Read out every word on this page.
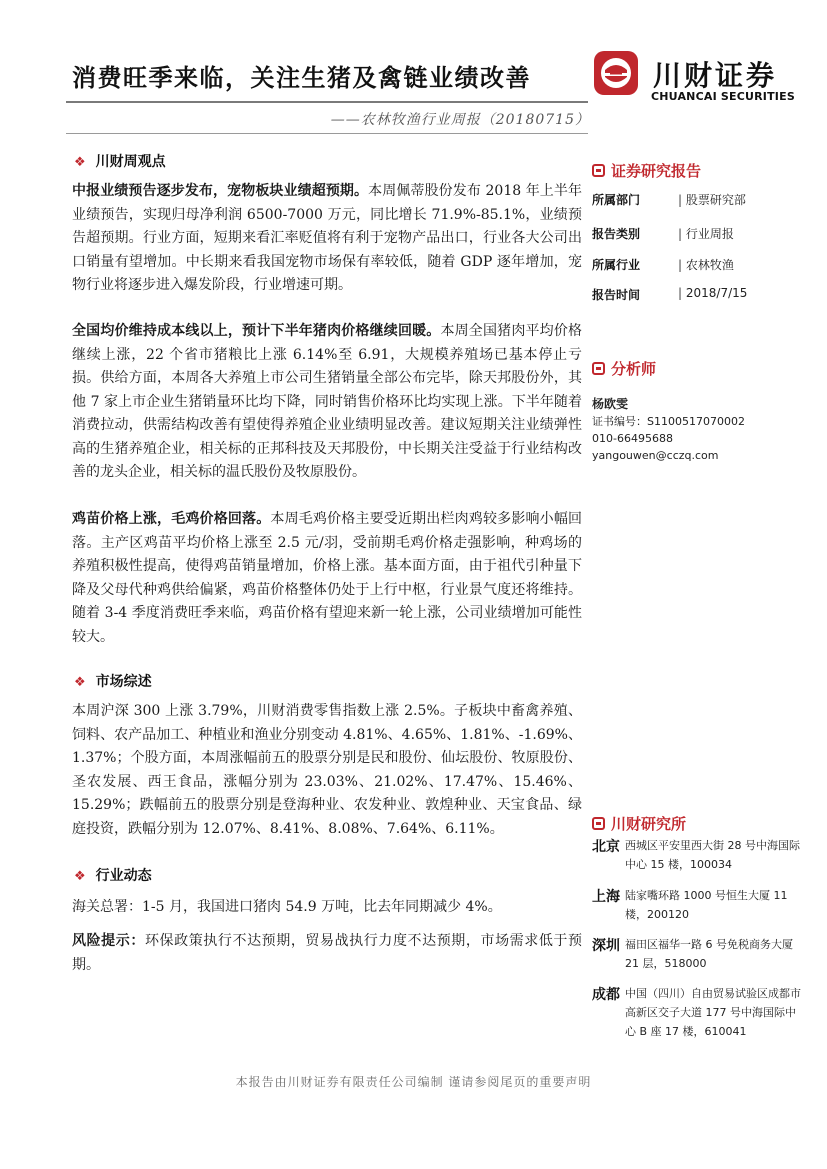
消费旺季来临，关注生猪及禽链业绩改善
——农林牧渔行业周报（20180715）
川财证券
CHUANCAI SECURITIES
❖ 川财周观点
中报业绩预告逐步发布，宠物板块业绩超预期。本周佩蒂股份发布 2018 年上半年业绩预告，实现归母净利润 6500-7000 万元，同比增长 71.9%-85.1%，业绩预告超预期。行业方面，短期来看汇率贬值将有利于宠物产品出口，行业各大公司出口销量有望增加。中长期来看我国宠物市场保有率较低，随着 GDP 逐年增加，宠物行业将逐步进入爆发阶段，行业增速可期。
全国均价维持成本线以上，预计下半年猪肉价格继续回暖。本周全国猪肉平均价格继续上涨，22 个省市猪粮比上涨 6.14%至 6.91，大规模养殖场已基本停止亏损。供给方面，本周各大养殖上市公司生猪销量全部公布完毕，除天邦股份外，其他 7 家上市企业生猪销量环比均下降，同时销售价格环比均实现上涨。下半年随着消费拉动，供需结构改善有望使得养殖企业业绩明显改善。建议短期关注业绩弹性高的生猪养殖企业，相关标的正邦科技及天邦股份，中长期关注受益于行业结构改善的龙头企业，相关标的温氏股份及牧原股份。
鸡苗价格上涨，毛鸡价格回落。本周毛鸡价格主要受近期出栏肉鸡较多影响小幅回落。主产区鸡苗平均价格上涨至 2.5 元/羽，受前期毛鸡价格走强影响，种鸡场的养殖积极性提高，使得鸡苗销量增加，价格上涨。基本面方面，由于祖代引种量下降及父母代种鸡供给偏紧，鸡苗价格整体仍处于上行中枢，行业景气度还将维持。随着 3-4 季度消费旺季来临，鸡苗价格有望迎来新一轮上涨，公司业绩增加可能性较大。
❖ 市场综述
本周沪深 300 上涨 3.79%，川财消费零售指数上涨 2.5%。子板块中畜禽养殖、饲料、农产品加工、种植业和渔业分别变动 4.81%、4.65%、1.81%、-1.69%、1.37%；个股方面，本周涨幅前五的股票分别是民和股份、仙坛股份、牧原股份、圣农发展、西王食品，涨幅分别为 23.03%、21.02%、17.47%、15.46%、15.29%；跌幅前五的股票分别是登海种业、农发种业、敦煌种业、天宝食品、绿庭投资，跌幅分别为 12.07%、8.41%、8.08%、7.64%、6.11%。
❖ 行业动态
海关总署：1-5 月，我国进口猪肉 54.9 万吨，比去年同期减少 4%。
风险提示：环保政策执行不达预期，贸易战执行力度不达预期，市场需求低于预期。
证券研究报告
所属部门	| 股票研究部
报告类别	| 行业周报
所属行业	| 农林牧渔
报告时间	| 2018/7/15
分析师
杨欧雯
证书编号：S1100517070002
010-66495688
yangouwen@cczq.com
川财研究所
北京 西城区平安里西大街 28 号中海国际中心 15 楼，100034
上海 陆家嘴环路 1000 号恒生大厦 11 楼，200120
深圳 福田区福华一路 6 号免税商务大厦 21 层，518000
成都 中国（四川）自由贸易试验区成都市高新区交子大道 177 号中海国际中心 B 座 17 楼，610041
本报告由川财证券有限责任公司编制 谨请参阅尾页的重要声明
